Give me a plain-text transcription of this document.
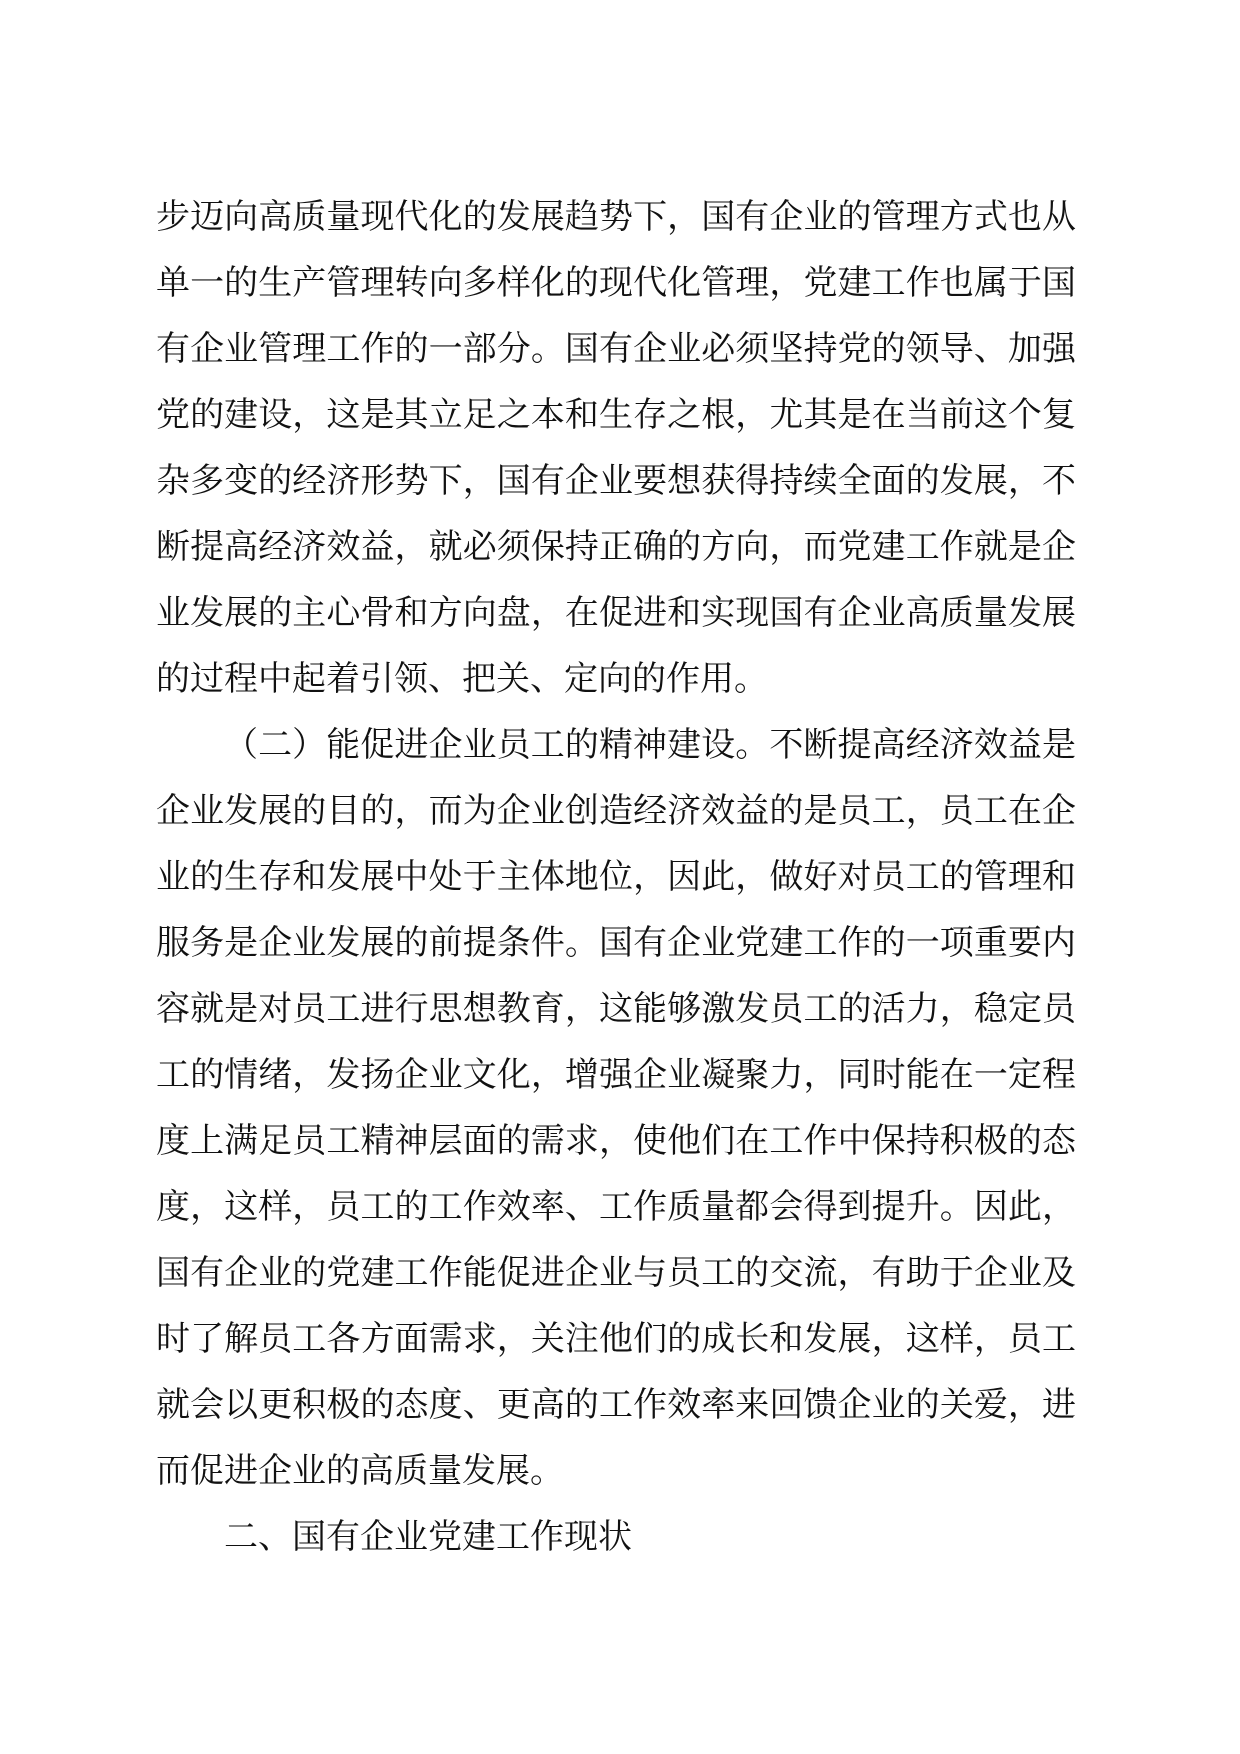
步迈向高质量现代化的发展趋势下，国有企业的管理方式也从
单一的生产管理转向多样化的现代化管理，党建工作也属于国
有企业管理工作的一部分。国有企业必须坚持党的领导、加强
党的建设，这是其立足之本和生存之根，尤其是在当前这个复
杂多变的经济形势下，国有企业要想获得持续全面的发展，不
断提高经济效益，就必须保持正确的方向，而党建工作就是企
业发展的主心骨和方向盘，在促进和实现国有企业高质量发展
的过程中起着引领、把关、定向的作用。
（二）能促进企业员工的精神建设。不断提高经济效益是
企业发展的目的，而为企业创造经济效益的是员工，员工在企
业的生存和发展中处于主体地位，因此，做好对员工的管理和
服务是企业发展的前提条件。国有企业党建工作的一项重要内
容就是对员工进行思想教育，这能够激发员工的活力，稳定员
工的情绪，发扬企业文化，增强企业凝聚力，同时能在一定程
度上满足员工精神层面的需求，使他们在工作中保持积极的态
度，这样，员工的工作效率、工作质量都会得到提升。因此，
国有企业的党建工作能促进企业与员工的交流，有助于企业及
时了解员工各方面需求，关注他们的成长和发展，这样，员工
就会以更积极的态度、更高的工作效率来回馈企业的关爱，进
而促进企业的高质量发展。
二、国有企业党建工作现状
